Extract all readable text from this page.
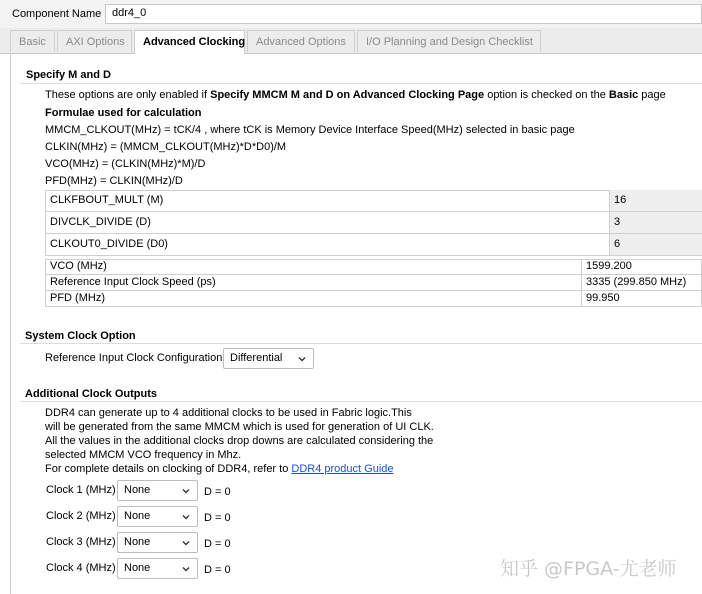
Component Name ddr4_0
Basic	AXI Options	Advanced Clocking Advanced Options	I/O Planning and Design Checklist
Specify M and D
These options are only enabled if Specify MMCM M and D on Advanced Clocking Page option is checked on the Basic page
Formulae used for calculation
MMCM_CLKOUT(MHz) = tCK/4 , where tCK is Memory Device Interface Speed(MHz) selected in basic page
CLKIN(MHz) = (MMCM_CLKOUT(MHz)*D*D0)/M
VCO(MHz) = (CLKIN(MHz)*M)/D
PFD(MHz) = CLKIN(MHz)/D
CLKFBOUT_MULT (M)	16
DIVCLK_DIVIDE (D)	3
CLKOUT0_DIVIDE (D0)	6
VCO (MHz)	1599.200
Reference Input Clock Speed (ps)	3335 (299.850 MHz)
PFD (MHz)	99.950
System Clock Option
Reference Input Clock Configuration Differential
Additional Clock Outputs
DDR4 can generate up to 4 additional clocks to be used in Fabric logic.This
will be generated from the same MMCM which is used for generation of UI CLK.
All the values in the additional clocks drop downs are calculated considering the
selected MMCM VCO frequency in Mhz.
For complete details on clocking of DDR4, refer to DDR4 product Guide
Clock 1 (MHz) None	D = 0
Clock 2 (MHz) None	D = 0
Clock 3 (MHz) None	D = 0
Clock 4 (MHz) None	D = 0	知乎 @FPGA-尤老师
